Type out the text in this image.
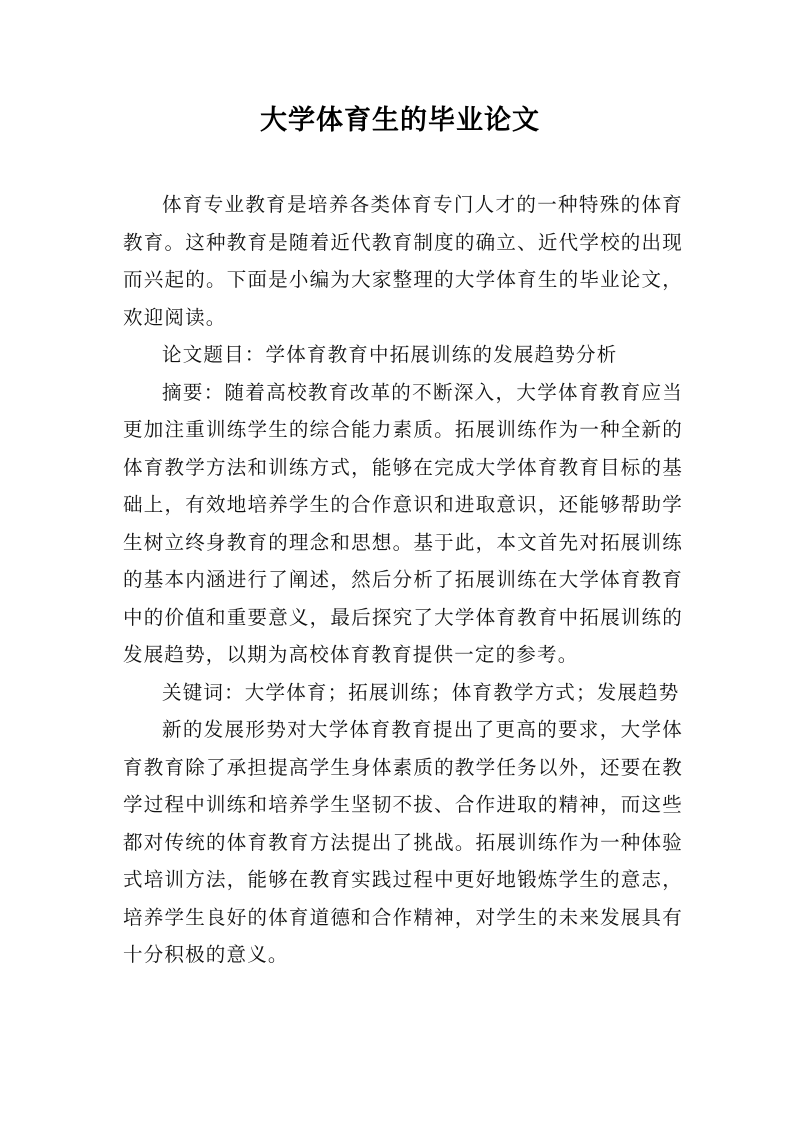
大学体育生的毕业论文

体育专业教育是培养各类体育专门人才的一种特殊的体育教育。这种教育是随着近代教育制度的确立、近代学校的出现而兴起的。下面是小编为大家整理的大学体育生的毕业论文，欢迎阅读。

论文题目：学体育教育中拓展训练的发展趋势分析

摘要：随着高校教育改革的不断深入，大学体育教育应当更加注重训练学生的综合能力素质。拓展训练作为一种全新的体育教学方法和训练方式，能够在完成大学体育教育目标的基础上，有效地培养学生的合作意识和进取意识，还能够帮助学生树立终身教育的理念和思想。基于此，本文首先对拓展训练的基本内涵进行了阐述，然后分析了拓展训练在大学体育教育中的价值和重要意义，最后探究了大学体育教育中拓展训练的发展趋势，以期为高校体育教育提供一定的参考。

关键词：大学体育；拓展训练；体育教学方式；发展趋势

新的发展形势对大学体育教育提出了更高的要求，大学体育教育除了承担提高学生身体素质的教学任务以外，还要在教学过程中训练和培养学生坚韧不拔、合作进取的精神，而这些都对传统的体育教育方法提出了挑战。拓展训练作为一种体验式培训方法，能够在教育实践过程中更好地锻炼学生的意志，培养学生良好的体育道德和合作精神，对学生的未来发展具有十分积极的意义。
